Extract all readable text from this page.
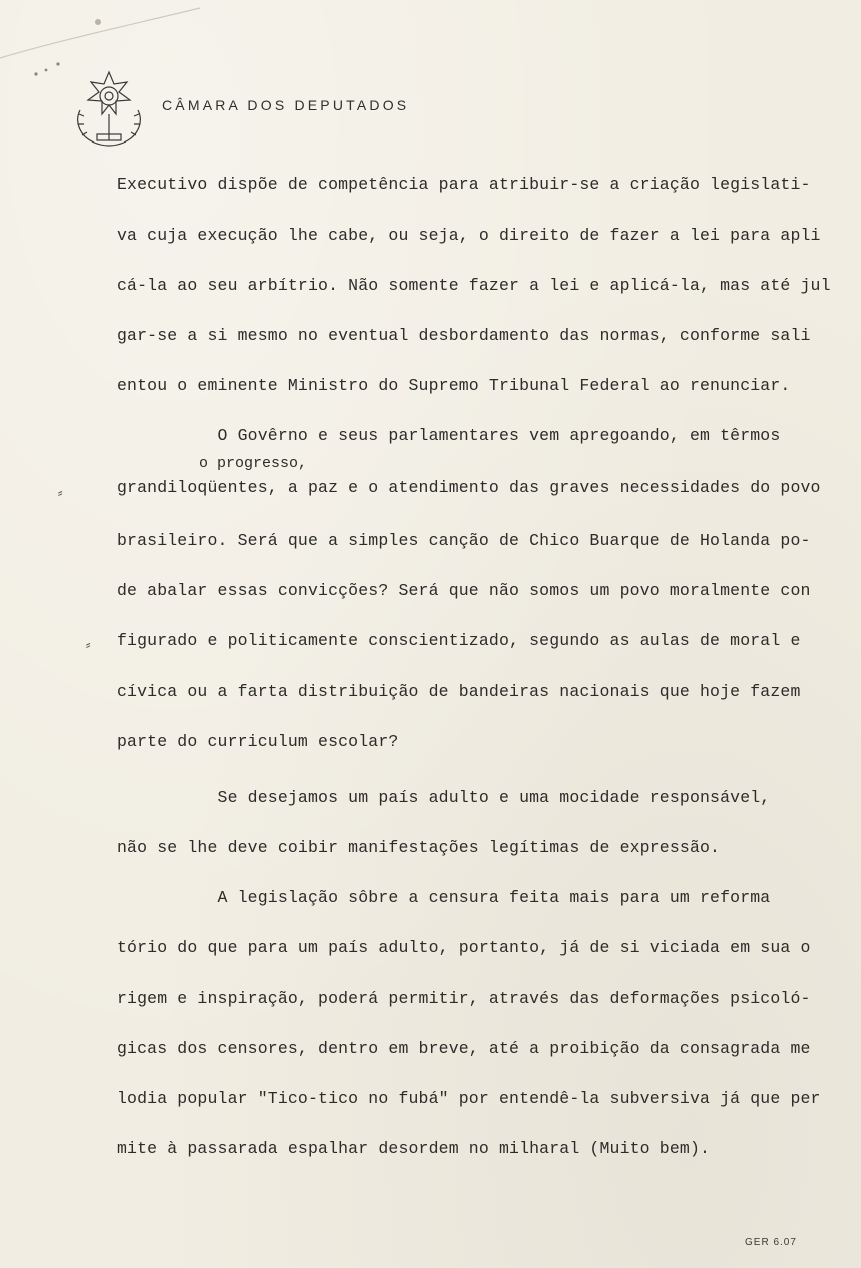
CÂMARA DOS DEPUTADOS
Executivo dispõe de competência para atribuir-se a criação legislati-
va cuja execução lhe cabe, ou seja, o direito de fazer a lei para apli
cá-la ao seu arbítrio. Não somente fazer a lei e aplicá-la, mas até jul
gar-se a si mesmo no eventual desbordamento das normas, conforme sali
entou o eminente Ministro do Supremo Tribunal Federal ao renunciar.
O Govêrno e seus parlamentares vem apregoando, em têrmos
grandiloqüentes, a paz e o atendimento das graves necessidades do povo
brasileiro. Será que a simples canção de Chico Buarque de Holanda po-
de abalar essas convicções? Será que não somos um povo moralmente con
figurado e politicamente conscientizado, segundo as aulas de moral e
cívica ou a farta distribuição de bandeiras nacionais que hoje fazem
parte do curriculum escolar?
Se desejamos um país adulto e uma mocidade responsável,
não se lhe deve coibir manifestações legítimas de expressão.
A legislação sôbre a censura feita mais para um reforma
tório do que para um país adulto, portanto, já de si viciada em sua o
rigem e inspiração, poderá permitir, através das deformações psicoló-
gicas dos censores, dentro em breve, até a proibição da consagrada me
lodia popular "Tico-tico no fubá" por entendê-la subversiva já que per
mite à passarada espalhar desordem no milharal (Muito bem).
o progresso,
⸗
⸗
GER 6.07
